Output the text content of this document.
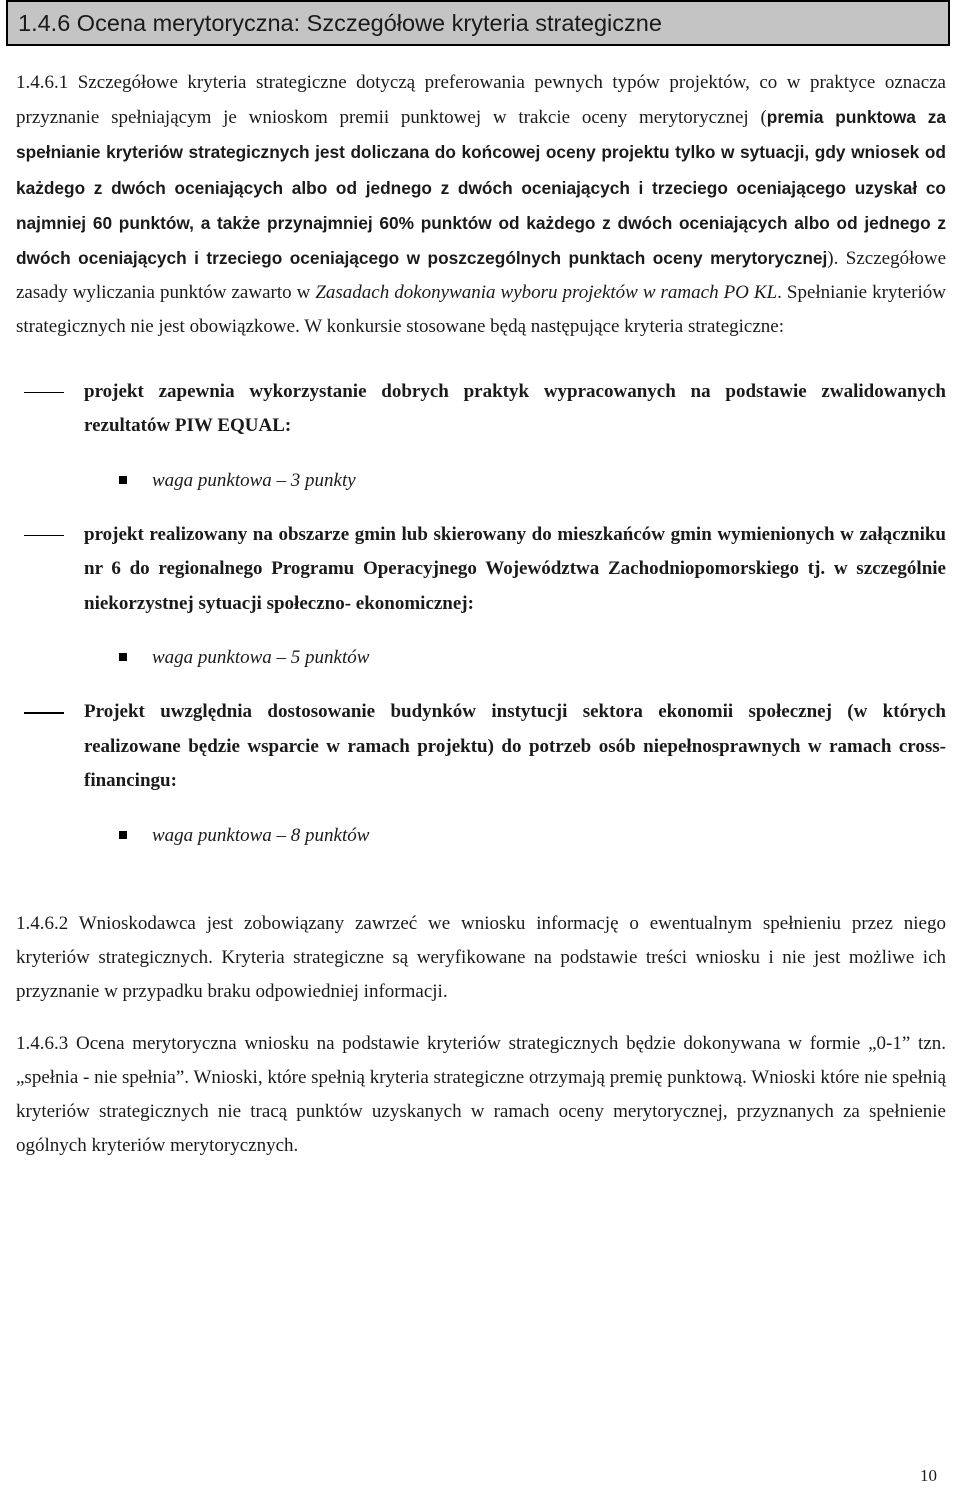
1.4.6 Ocena merytoryczna: Szczegółowe kryteria strategiczne

1.4.6.1 Szczegółowe kryteria strategiczne dotyczą preferowania pewnych typów projektów, co w praktyce oznacza przyznanie spełniającym je wnioskom premii punktowej w trakcie oceny merytorycznej (premia punktowa za spełnianie kryteriów strategicznych jest doliczana do końcowej oceny projektu tylko w sytuacji, gdy wniosek od każdego z dwóch oceniających albo od jednego z dwóch oceniających i trzeciego oceniającego uzyskał co najmniej 60 punktów, a także przynajmniej 60% punktów od każdego z dwóch oceniających albo od jednego z dwóch oceniających i trzeciego oceniającego w poszczególnych punktach oceny merytorycznej). Szczegółowe zasady wyliczania punktów zawarto w Zasadach dokonywania wyboru projektów w ramach PO KL. Spełnianie kryteriów strategicznych nie jest obowiązkowe. W konkursie stosowane będą następujące kryteria strategiczne:

projekt zapewnia wykorzystanie dobrych praktyk wypracowanych na podstawie zwalidowanych rezultatów PIW EQUAL:

waga punktowa – 3 punkty

projekt realizowany na obszarze gmin lub skierowany do mieszkańców gmin wymienionych w załączniku nr 6 do regionalnego Programu Operacyjnego Województwa Zachodniopomorskiego tj. w szczególnie niekorzystnej sytuacji społeczno- ekonomicznej:

waga punktowa – 5 punktów

Projekt uwzględnia dostosowanie budynków instytucji sektora ekonomii społecznej (w których realizowane będzie wsparcie w ramach projektu) do potrzeb osób niepełnosprawnych w ramach cross- financingu:

waga punktowa – 8 punktów

1.4.6.2 Wnioskodawca jest zobowiązany zawrzeć we wniosku informację o ewentualnym spełnieniu przez niego kryteriów strategicznych. Kryteria strategiczne są weryfikowane na podstawie treści wniosku i nie jest możliwe ich przyznanie w przypadku braku odpowiedniej informacji.

1.4.6.3 Ocena merytoryczna wniosku na podstawie kryteriów strategicznych będzie dokonywana w formie „0-1” tzn. „spełnia - nie spełnia”. Wnioski, które spełnią kryteria strategiczne otrzymają premię punktową. Wnioski które nie spełnią kryteriów strategicznych nie tracą punktów uzyskanych w ramach oceny merytorycznej, przyznanych za spełnienie ogólnych kryteriów merytorycznych.

10
